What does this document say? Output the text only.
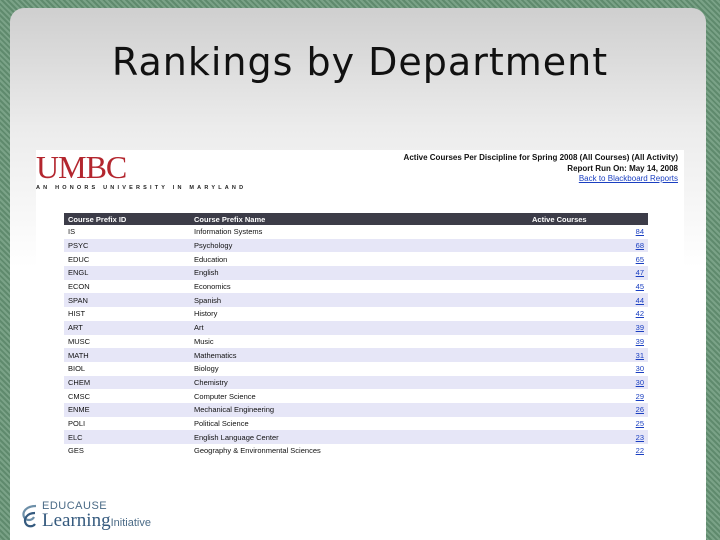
Rankings by Department
UMBC
AN HONORS UNIVERSITY IN MARYLAND
Active Courses Per Discipline for Spring 2008 (All Courses) (All Activity)
Report Run On: May 14, 2008
Back to Blackboard Reports
Course Prefix ID	Course Prefix Name	Active Courses
IS	Information Systems	84
PSYC	Psychology	68
EDUC	Education	65
ENGL	English	47
ECON	Economics	45
SPAN	Spanish	44
HIST	History	42
ART	Art	39
MUSC	Music	39
MATH	Mathematics	31
BIOL	Biology	30
CHEM	Chemistry	30
CMSC	Computer Science	29
ENME	Mechanical Engineering	26
POLI	Political Science	25
ELC	English Language Center	23
GES	Geography & Environmental Sciences	22
EDUCAUSE
LearningInitiative
